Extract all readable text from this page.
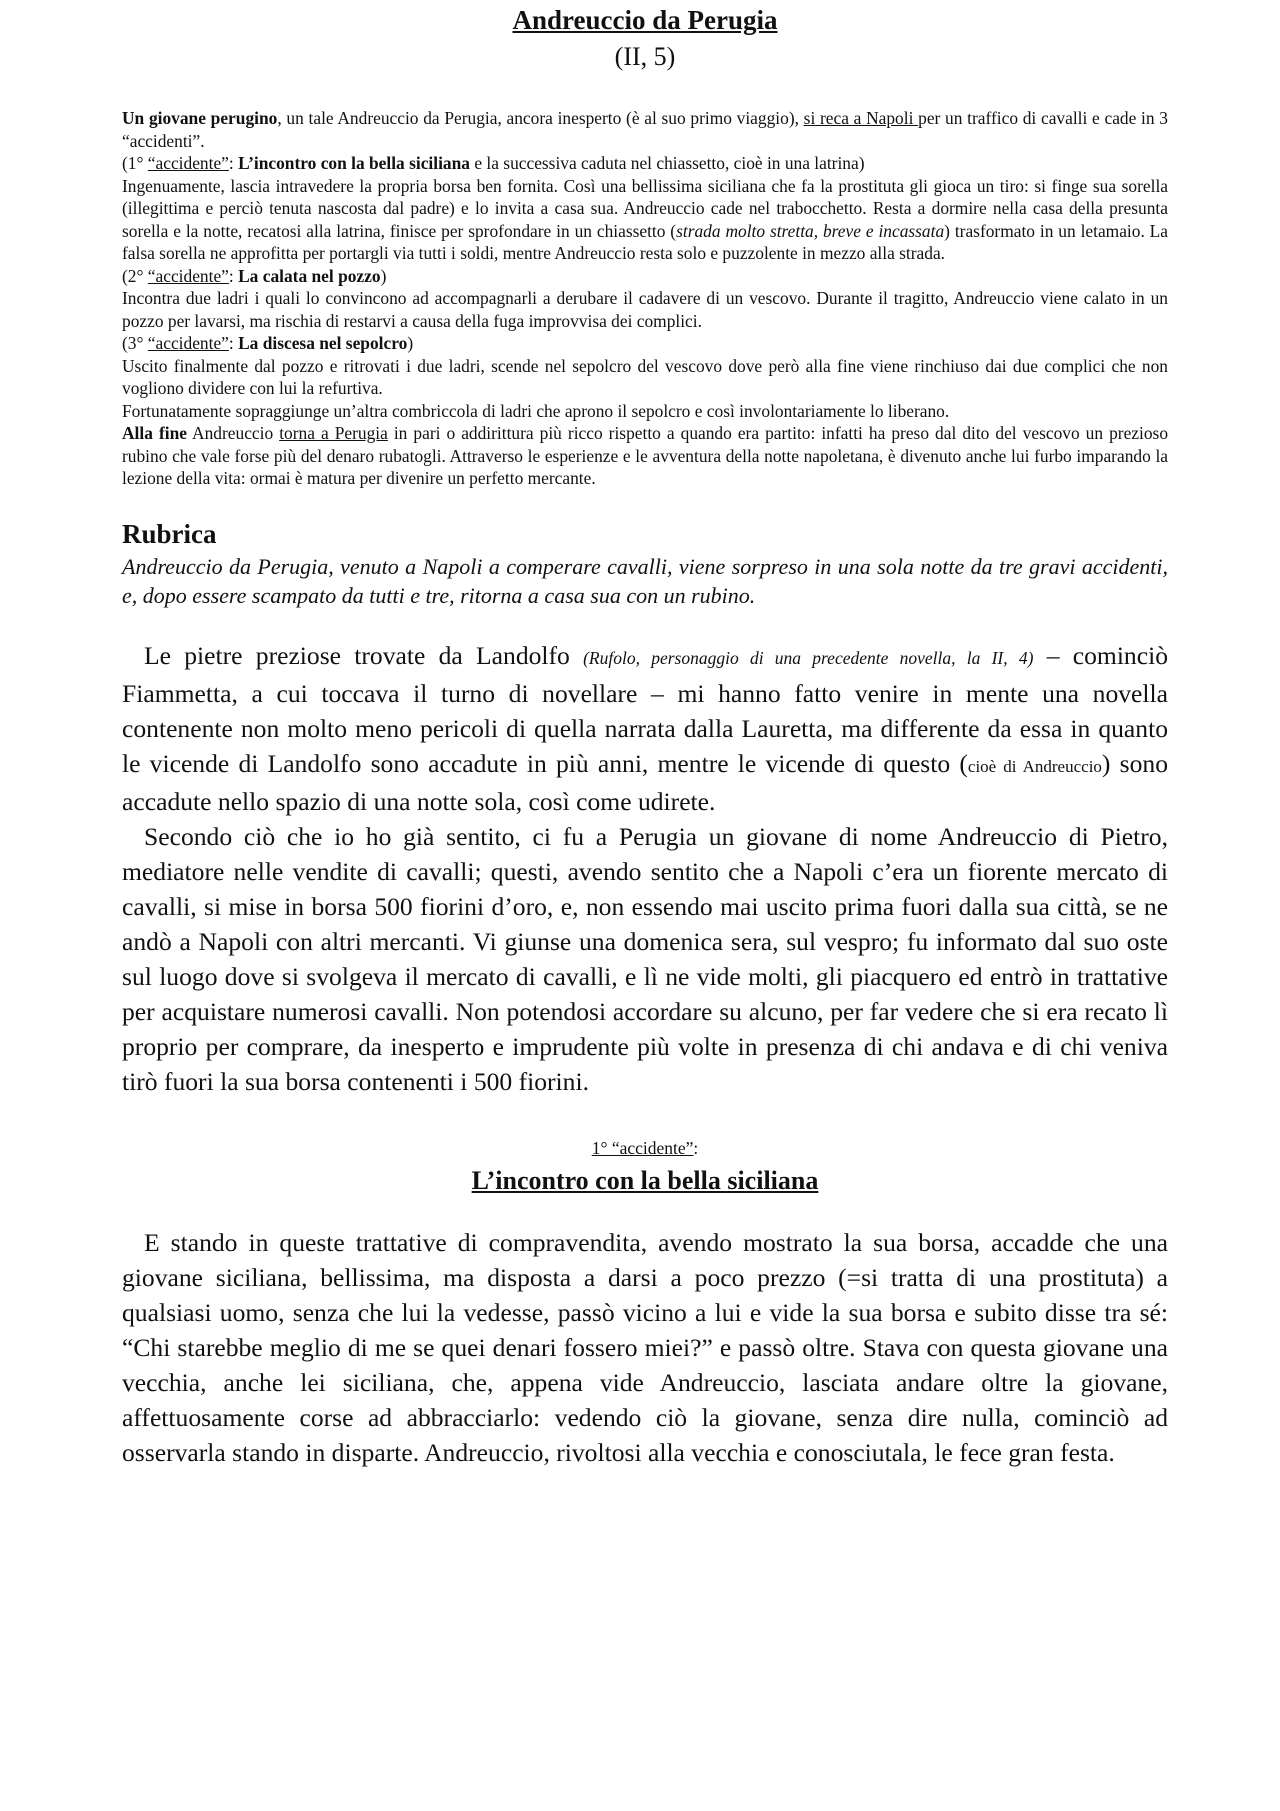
Andreuccio da Perugia
(II, 5)

Un giovane perugino, un tale Andreuccio da Perugia, ancora inesperto (è al suo primo viaggio), si reca a Napoli per un traffico di cavalli e cade in 3 “accidenti”.

(1° “accidente”: L’incontro con la bella siciliana e la successiva caduta nel chiassetto, cioè in una latrina)

Ingenuamente, lascia intravedere la propria borsa ben fornita. Così una bellissima siciliana che fa la prostituta gli gioca un tiro: si finge sua sorella (illegittima e perciò tenuta nascosta dal padre) e lo invita a casa sua. Andreuccio cade nel trabocchetto. Resta a dormire nella casa della presunta sorella e la notte, recatosi alla latrina, finisce per sprofondare in un chiassetto (strada molto stretta, breve e incassata) trasformato in un letamaio. La falsa sorella ne approfitta per portargli via tutti i soldi, mentre Andreuccio resta solo e puzzolente in mezzo alla strada.

(2° “accidente”: La calata nel pozzo)

Incontra due ladri i quali lo convincono ad accompagnarli a derubare il cadavere di un vescovo. Durante il tragitto, Andreuccio viene calato in un pozzo per lavarsi, ma rischia di restarvi a causa della fuga improvvisa dei complici.

(3° “accidente”: La discesa nel sepolcro)

Uscito finalmente dal pozzo e ritrovati i due ladri, scende nel sepolcro del vescovo dove però alla fine viene rinchiuso dai due complici che non vogliono dividere con lui la refurtiva.

Fortunatamente sopraggiunge un’altra combriccola di ladri che aprono il sepolcro e così involontariamente lo liberano.

Alla fine Andreuccio torna a Perugia in pari o addirittura più ricco rispetto a quando era partito: infatti ha preso dal dito del vescovo un prezioso rubino che vale forse più del denaro rubatogli. Attraverso le esperienze e le avventura della notte napoletana, è divenuto anche lui furbo imparando la lezione della vita: ormai è matura per divenire un perfetto mercante.

Rubrica

Andreuccio da Perugia, venuto a Napoli a comperare cavalli, viene sorpreso in una sola notte da tre gravi accidenti, e, dopo essere scampato da tutti e tre, ritorna a casa sua con un rubino.

Le pietre preziose trovate da Landolfo (Rufolo, personaggio di una precedente novella, la II, 4) – cominciò Fiammetta, a cui toccava il turno di novellare – mi hanno fatto venire in mente una novella contenente non molto meno pericoli di quella narrata dalla Lauretta, ma differente da essa in quanto le vicende di Landolfo sono accadute in più anni, mentre le vicende di questo (cioè di Andreuccio) sono accadute nello spazio di una notte sola, così come udirete.

Secondo ciò che io ho già sentito, ci fu a Perugia un giovane di nome Andreuccio di Pietro, mediatore nelle vendite di cavalli; questi, avendo sentito che a Napoli c’era un fiorente mercato di cavalli, si mise in borsa 500 fiorini d’oro, e, non essendo mai uscito prima fuori dalla sua città, se ne andò a Napoli con altri mercanti. Vi giunse una domenica sera, sul vespro; fu informato dal suo oste sul luogo dove si svolgeva il mercato di cavalli, e lì ne vide molti, gli piacquero ed entrò in trattative per acquistare numerosi cavalli. Non potendosi accordare su alcuno, per far vedere che si era recato lì proprio per comprare, da inesperto e imprudente più volte in presenza di chi andava e di chi veniva tirò fuori la sua borsa contenenti i 500 fiorini.

1° “accidente”:
L’incontro con la bella siciliana

E stando in queste trattative di compravendita, avendo mostrato la sua borsa, accadde che una giovane siciliana, bellissima, ma disposta a darsi a poco prezzo (=si tratta di una prostituta) a qualsiasi uomo, senza che lui la vedesse, passò vicino a lui e vide la sua borsa e subito disse tra sé: “Chi starebbe meglio di me se quei denari fossero miei?” e passò oltre. Stava con questa giovane una vecchia, anche lei siciliana, che, appena vide Andreuccio, lasciata andare oltre la giovane, affettuosamente corse ad abbracciarlo: vedendo ciò la giovane, senza dire nulla, cominciò ad osservarla stando in disparte. Andreuccio, rivoltosi alla vecchia e conosciutala, le fece gran festa.
